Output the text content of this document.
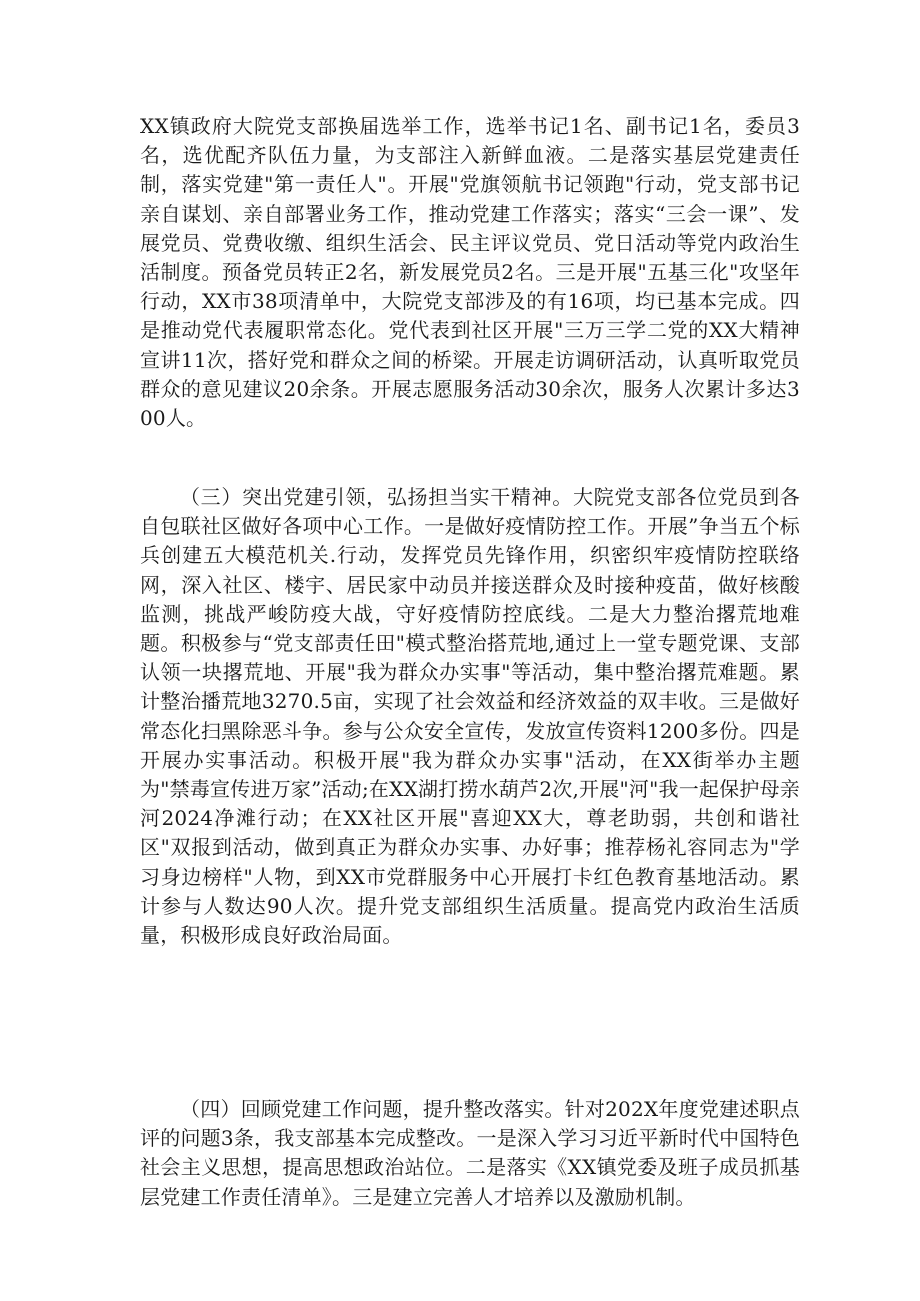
XX镇政府大院党支部换届选举工作，选举书记1名、副书记1名，委员3名，选优配齐队伍力量，为支部注入新鲜血液。二是落实基层党建责任制，落实党建"第一责任人"。开展"党旗领航书记领跑"行动，党支部书记亲自谋划、亲自部署业务工作，推动党建工作落实；落实“三会一课”、发展党员、党费收缴、组织生活会、民主评议党员、党日活动等党内政治生活制度。预备党员转正2名，新发展党员2名。三是开展"五基三化"攻坚年行动，XX市38项清单中，大院党支部涉及的有16项，均已基本完成。四是推动党代表履职常态化。党代表到社区开展"三万三学二党的XX大精神宣讲11次，搭好党和群众之间的桥梁。开展走访调研活动，认真听取党员群众的意见建议20余条。开展志愿服务活动30余次，服务人次累计多达300人。

（三）突出党建引领，弘扬担当实干精神。大院党支部各位党员到各自包联社区做好各项中心工作。一是做好疫情防控工作。开展”争当五个标兵创建五大模范机关.行动，发挥党员先锋作用，织密织牢疫情防控联络网，深入社区、楼宇、居民家中动员并接送群众及时接种疫苗，做好核酸监测，挑战严峻防疫大战，守好疫情防控底线。二是大力整治撂荒地难题。积极参与“党支部责任田"模式整治搭荒地,通过上一堂专题党课、支部认领一块撂荒地、开展"我为群众办实事"等活动，集中整治撂荒难题。累计整治播荒地3270.5亩，实现了社会效益和经济效益的双丰收。三是做好常态化扫黑除恶斗争。参与公众安全宣传，发放宣传资料1200多份。四是开展办实事活动。积极开展"我为群众办实事"活动，在XX街举办主题为"禁毒宣传进万家”活动;在XX湖打捞水葫芦2次,开展"河"我一起保护母亲河2024净滩行动；在XX社区开展"喜迎XX大，尊老助弱，共创和谐社区"双报到活动，做到真正为群众办实事、办好事；推荐杨礼容同志为"学习身边榜样"人物，到XX市党群服务中心开展打卡红色教育基地活动。累计参与人数达90人次。提升党支部组织生活质量。提高党内政治生活质量，积极形成良好政治局面。

（四）回顾党建工作问题，提升整改落实。针对202X年度党建述职点评的问题3条，我支部基本完成整改。一是深入学习习近平新时代中国特色社会主义思想，提高思想政治站位。二是落实《XX镇党委及班子成员抓基层党建工作责任清单》。三是建立完善人才培养以及激励机制。
